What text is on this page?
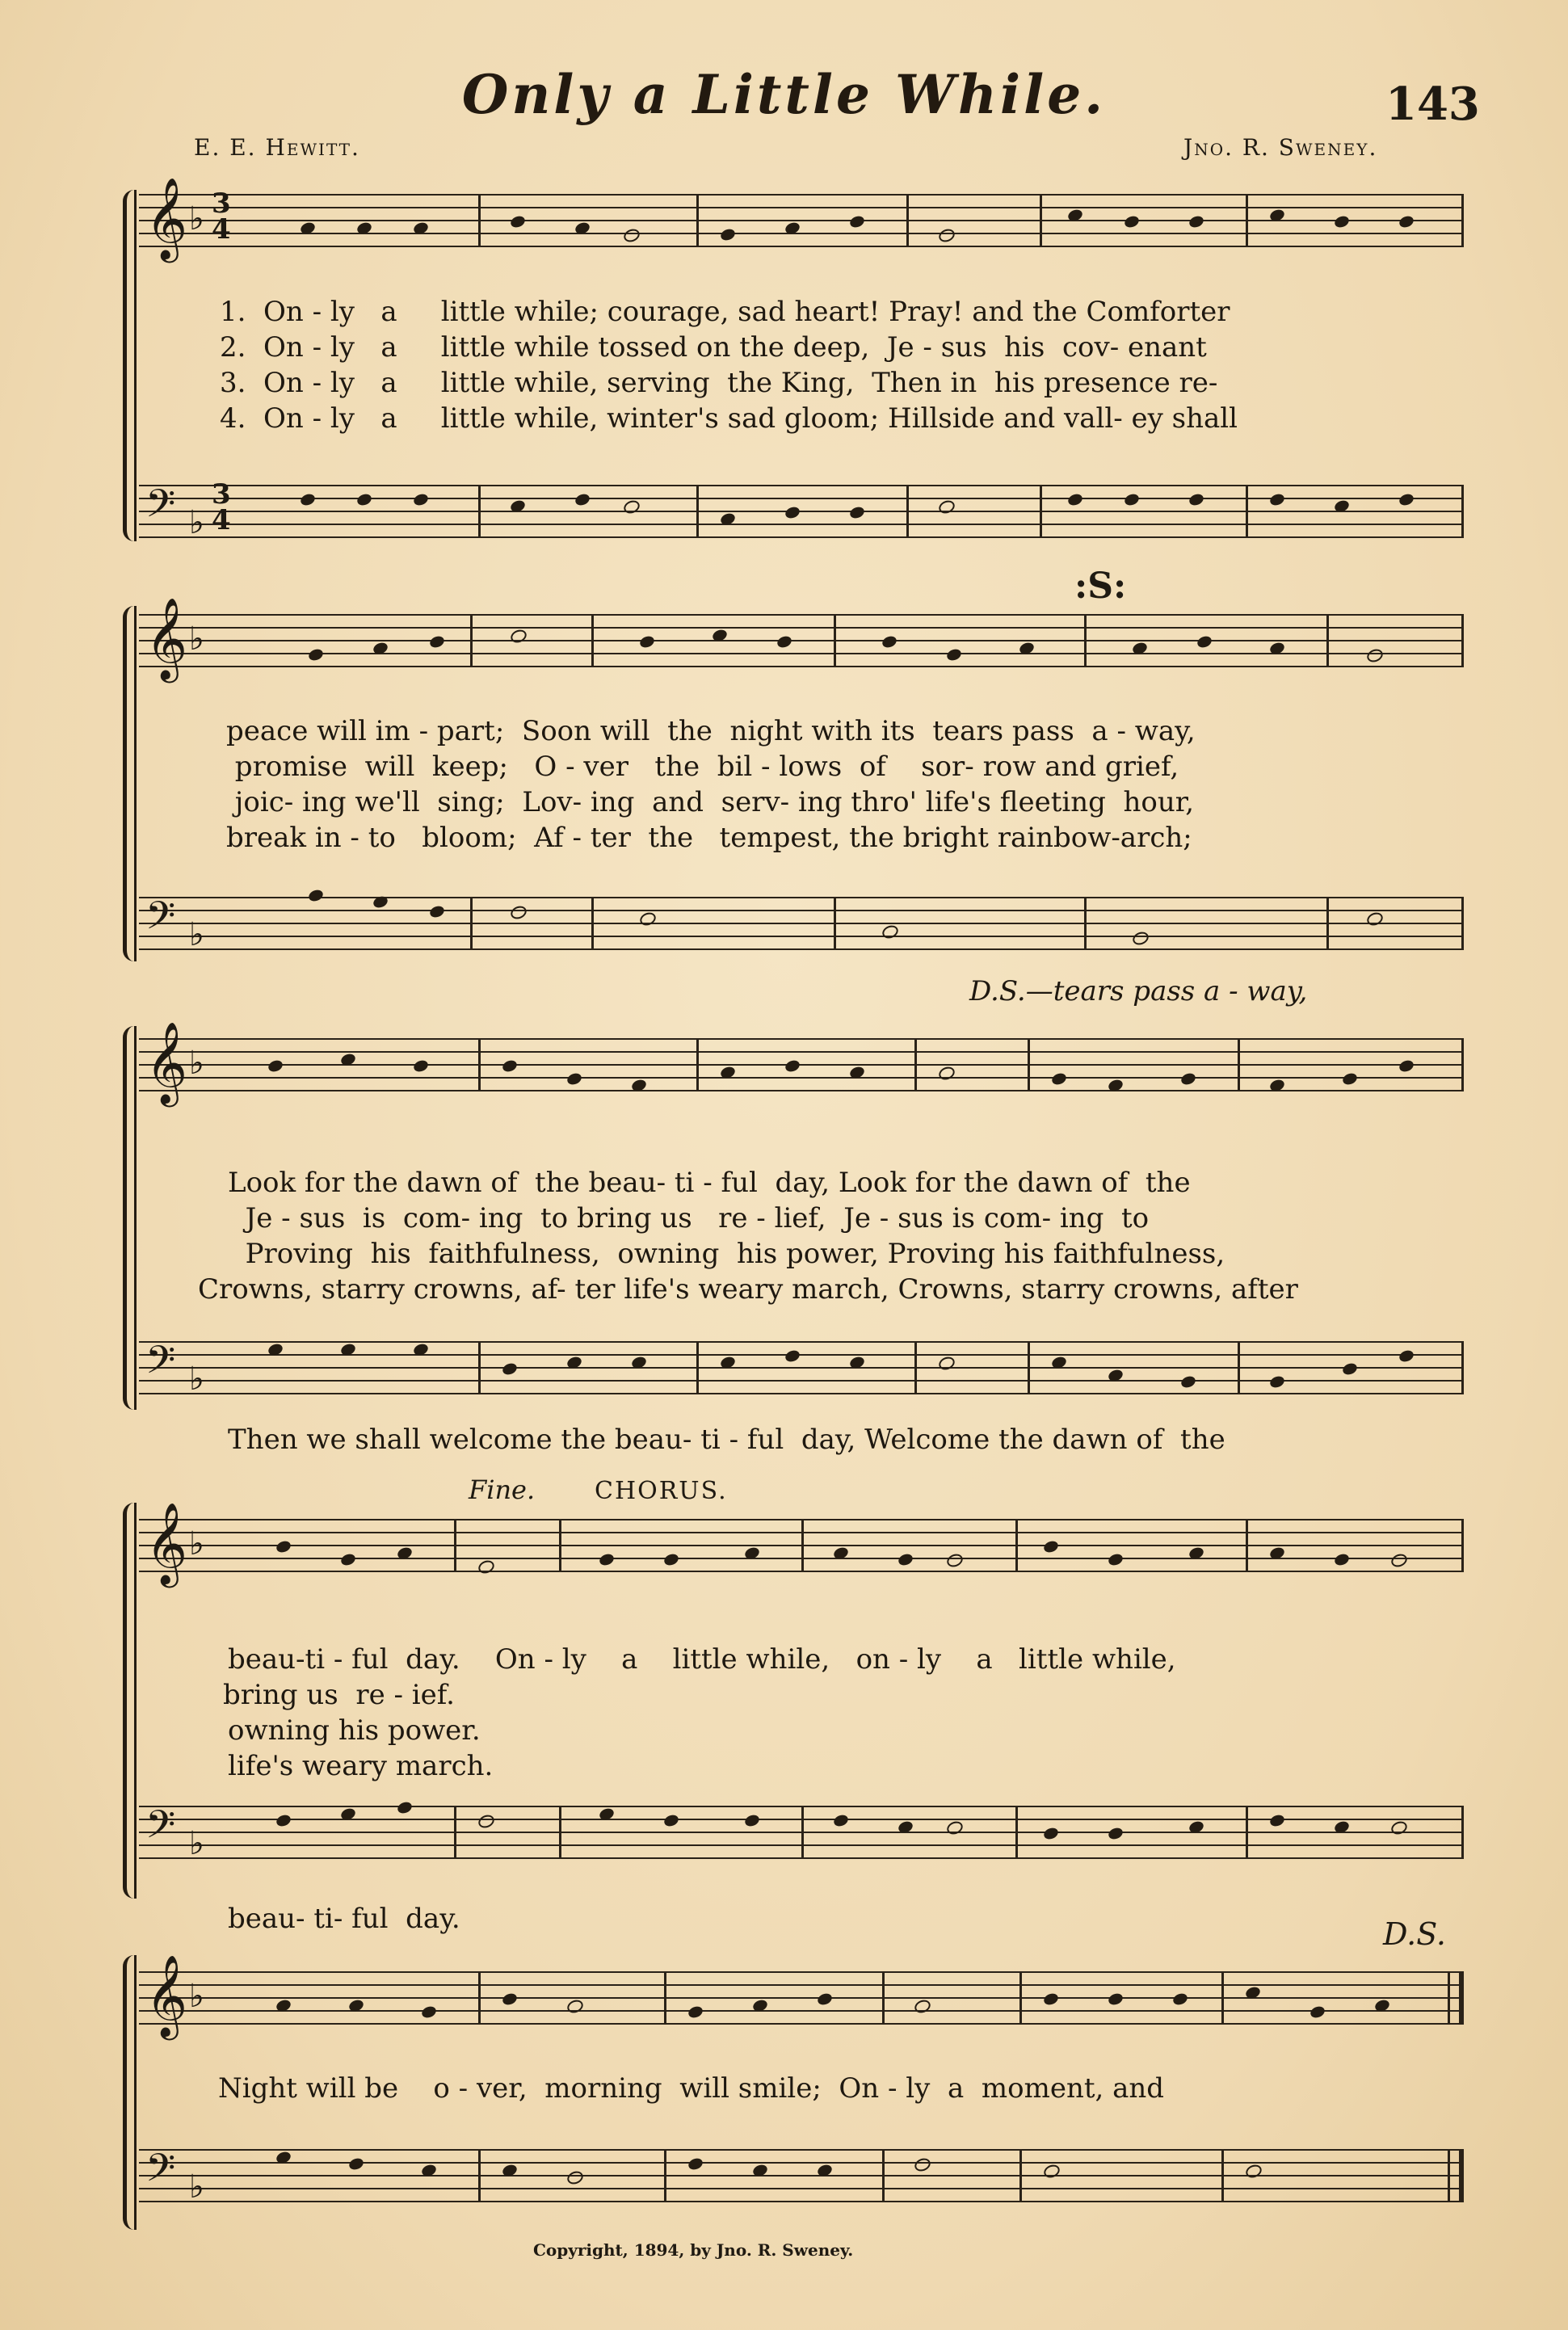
Only a Little While.	143
E. E. Hewitt.	Jno. R. Sweney.
𝄞 ♭ 3
4
1.  On - ly   a     little while; courage, sad heart! Pray! and the Comforter
2.  On - ly   a     little while tossed on the deep,  Je - sus  his  cov- enant
3.  On - ly   a     little while, serving  the King,  Then in  his presence re-
4.  On - ly   a     little while, winter's sad gloom; Hillside and vall- ey shall
𝄢 ♭
3
4
:S:
𝄞 ♭
peace will im - part;  Soon will  the  night with its  tears pass  a - way,
promise  will  keep;   O - ver   the  bil - lows  of    sor- row and grief,
joic- ing we'll  sing;  Lov- ing  and  serv- ing thro' life's fleeting  hour,
break in - to   bloom;  Af - ter  the   tempest, the bright rainbow-arch;
𝄢 ♭
D.S.—tears pass a - way,
𝄞 ♭
Look for the dawn of  the beau- ti - ful  day, Look for the dawn of  the
Je - sus  is  com- ing  to bring us   re - lief,  Je - sus is com- ing  to
Proving  his  faithfulness,  owning  his power, Proving his faithfulness,
Crowns, starry crowns, af- ter life's weary march, Crowns, starry crowns, after
𝄢 ♭
Then we shall welcome the beau- ti - ful  day, Welcome the dawn of  the
Fine. CHORUS.
𝄞 ♭
beau-ti - ful  day.    On - ly    a    little while,   on - ly    a   little while,
bring us  re - ief.
owning his power.
life's weary march.
𝄢 ♭
beau- ti- ful  day.	D.S.
𝄞 ♭
Night will be    o - ver,  morning  will smile;  On - ly  a  moment, and
𝄢 ♭
Copyright, 1894, by Jno. R. Sweney.
